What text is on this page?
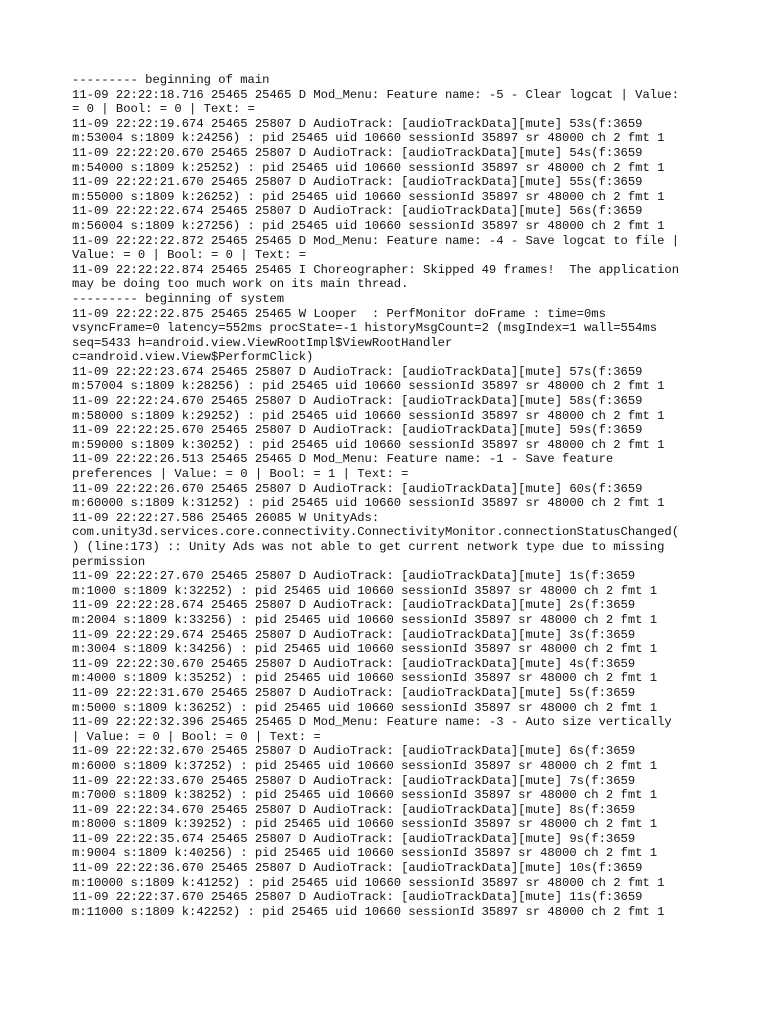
--------- beginning of main
11-09 22:22:18.716 25465 25465 D Mod_Menu: Feature name: -5 - Clear logcat | Value:
= 0 | Bool: = 0 | Text: =
11-09 22:22:19.674 25465 25807 D AudioTrack: [audioTrackData][mute] 53s(f:3659
m:53004 s:1809 k:24256) : pid 25465 uid 10660 sessionId 35897 sr 48000 ch 2 fmt 1
11-09 22:22:20.670 25465 25807 D AudioTrack: [audioTrackData][mute] 54s(f:3659
m:54000 s:1809 k:25252) : pid 25465 uid 10660 sessionId 35897 sr 48000 ch 2 fmt 1
11-09 22:22:21.670 25465 25807 D AudioTrack: [audioTrackData][mute] 55s(f:3659
m:55000 s:1809 k:26252) : pid 25465 uid 10660 sessionId 35897 sr 48000 ch 2 fmt 1
11-09 22:22:22.674 25465 25807 D AudioTrack: [audioTrackData][mute] 56s(f:3659
m:56004 s:1809 k:27256) : pid 25465 uid 10660 sessionId 35897 sr 48000 ch 2 fmt 1
11-09 22:22:22.872 25465 25465 D Mod_Menu: Feature name: -4 - Save logcat to file |
Value: = 0 | Bool: = 0 | Text: =
11-09 22:22:22.874 25465 25465 I Choreographer: Skipped 49 frames!  The application
may be doing too much work on its main thread.
--------- beginning of system
11-09 22:22:22.875 25465 25465 W Looper  : PerfMonitor doFrame : time=0ms
vsyncFrame=0 latency=552ms procState=-1 historyMsgCount=2 (msgIndex=1 wall=554ms
seq=5433 h=android.view.ViewRootImpl$ViewRootHandler
c=android.view.View$PerformClick)
11-09 22:22:23.674 25465 25807 D AudioTrack: [audioTrackData][mute] 57s(f:3659
m:57004 s:1809 k:28256) : pid 25465 uid 10660 sessionId 35897 sr 48000 ch 2 fmt 1
11-09 22:22:24.670 25465 25807 D AudioTrack: [audioTrackData][mute] 58s(f:3659
m:58000 s:1809 k:29252) : pid 25465 uid 10660 sessionId 35897 sr 48000 ch 2 fmt 1
11-09 22:22:25.670 25465 25807 D AudioTrack: [audioTrackData][mute] 59s(f:3659
m:59000 s:1809 k:30252) : pid 25465 uid 10660 sessionId 35897 sr 48000 ch 2 fmt 1
11-09 22:22:26.513 25465 25465 D Mod_Menu: Feature name: -1 - Save feature
preferences | Value: = 0 | Bool: = 1 | Text: =
11-09 22:22:26.670 25465 25807 D AudioTrack: [audioTrackData][mute] 60s(f:3659
m:60000 s:1809 k:31252) : pid 25465 uid 10660 sessionId 35897 sr 48000 ch 2 fmt 1
11-09 22:22:27.586 25465 26085 W UnityAds:
com.unity3d.services.core.connectivity.ConnectivityMonitor.connectionStatusChanged(
) (line:173) :: Unity Ads was not able to get current network type due to missing
permission
11-09 22:22:27.670 25465 25807 D AudioTrack: [audioTrackData][mute] 1s(f:3659
m:1000 s:1809 k:32252) : pid 25465 uid 10660 sessionId 35897 sr 48000 ch 2 fmt 1
11-09 22:22:28.674 25465 25807 D AudioTrack: [audioTrackData][mute] 2s(f:3659
m:2004 s:1809 k:33256) : pid 25465 uid 10660 sessionId 35897 sr 48000 ch 2 fmt 1
11-09 22:22:29.674 25465 25807 D AudioTrack: [audioTrackData][mute] 3s(f:3659
m:3004 s:1809 k:34256) : pid 25465 uid 10660 sessionId 35897 sr 48000 ch 2 fmt 1
11-09 22:22:30.670 25465 25807 D AudioTrack: [audioTrackData][mute] 4s(f:3659
m:4000 s:1809 k:35252) : pid 25465 uid 10660 sessionId 35897 sr 48000 ch 2 fmt 1
11-09 22:22:31.670 25465 25807 D AudioTrack: [audioTrackData][mute] 5s(f:3659
m:5000 s:1809 k:36252) : pid 25465 uid 10660 sessionId 35897 sr 48000 ch 2 fmt 1
11-09 22:22:32.396 25465 25465 D Mod_Menu: Feature name: -3 - Auto size vertically
| Value: = 0 | Bool: = 0 | Text: =
11-09 22:22:32.670 25465 25807 D AudioTrack: [audioTrackData][mute] 6s(f:3659
m:6000 s:1809 k:37252) : pid 25465 uid 10660 sessionId 35897 sr 48000 ch 2 fmt 1
11-09 22:22:33.670 25465 25807 D AudioTrack: [audioTrackData][mute] 7s(f:3659
m:7000 s:1809 k:38252) : pid 25465 uid 10660 sessionId 35897 sr 48000 ch 2 fmt 1
11-09 22:22:34.670 25465 25807 D AudioTrack: [audioTrackData][mute] 8s(f:3659
m:8000 s:1809 k:39252) : pid 25465 uid 10660 sessionId 35897 sr 48000 ch 2 fmt 1
11-09 22:22:35.674 25465 25807 D AudioTrack: [audioTrackData][mute] 9s(f:3659
m:9004 s:1809 k:40256) : pid 25465 uid 10660 sessionId 35897 sr 48000 ch 2 fmt 1
11-09 22:22:36.670 25465 25807 D AudioTrack: [audioTrackData][mute] 10s(f:3659
m:10000 s:1809 k:41252) : pid 25465 uid 10660 sessionId 35897 sr 48000 ch 2 fmt 1
11-09 22:22:37.670 25465 25807 D AudioTrack: [audioTrackData][mute] 11s(f:3659
m:11000 s:1809 k:42252) : pid 25465 uid 10660 sessionId 35897 sr 48000 ch 2 fmt 1
